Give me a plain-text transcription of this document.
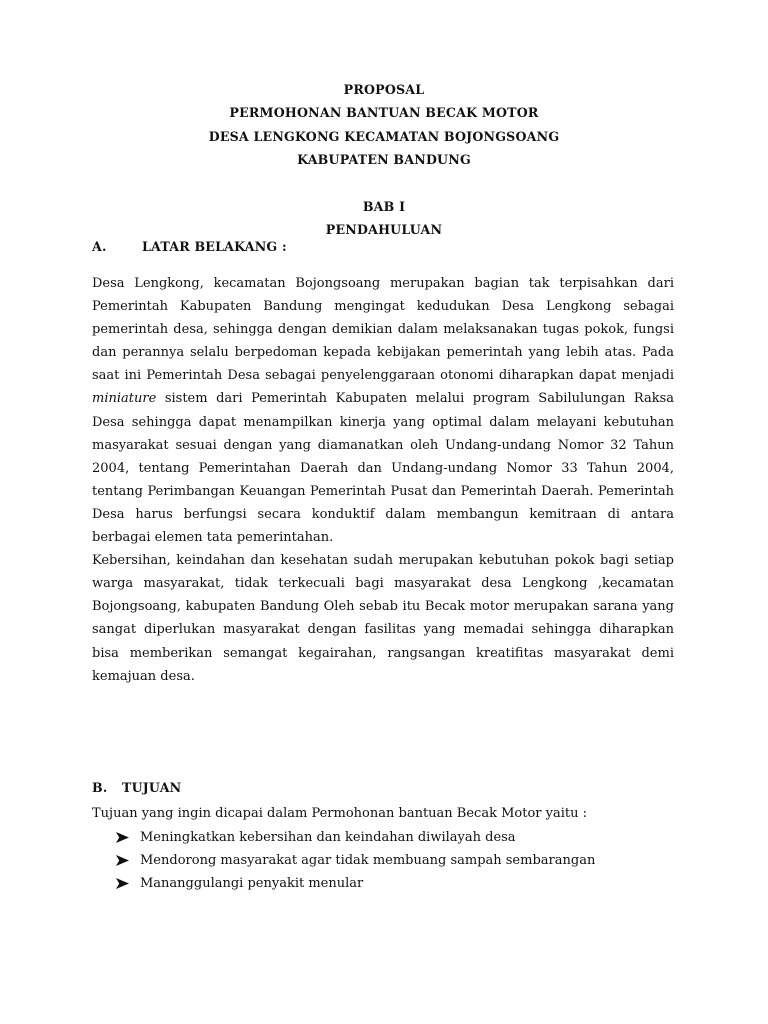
PROPOSAL
PERMOHONAN BANTUAN BECAK MOTOR
DESA LENGKONG KECAMATAN BOJONGSOANG
KABUPATEN BANDUNG
BAB I
PENDAHULUAN
A.	LATAR BELAKANG :

Desa Lengkong, kecamatan Bojongsoang merupakan bagian tak terpisahkan dari Pemerintah Kabupaten Bandung mengingat kedudukan Desa Lengkong sebagai pemerintah desa, sehingga dengan demikian dalam melaksanakan tugas pokok, fungsi dan perannya selalu berpedoman kepada kebijakan pemerintah yang lebih atas. Pada saat ini Pemerintah Desa sebagai penyelenggaraan otonomi diharapkan dapat menjadi miniature sistem dari Pemerintah Kabupaten melalui program Sabilulungan Raksa Desa sehingga dapat menampilkan kinerja yang optimal dalam melayani kebutuhan masyarakat sesuai dengan yang diamanatkan oleh Undang-undang Nomor 32 Tahun 2004, tentang Pemerintahan Daerah dan Undang-undang Nomor 33 Tahun 2004, tentang Perimbangan Keuangan Pemerintah Pusat dan Pemerintah Daerah. Pemerintah Desa harus berfungsi secara konduktif dalam membangun kemitraan di antara berbagai elemen tata pemerintahan.

Kebersihan, keindahan dan kesehatan sudah merupakan kebutuhan pokok bagi setiap warga masyarakat, tidak terkecuali bagi masyarakat desa Lengkong ,kecamatan Bojongsoang, kabupaten Bandung Oleh sebab itu Becak motor merupakan sarana yang sangat diperlukan masyarakat dengan fasilitas yang memadai sehingga diharapkan bisa memberikan semangat kegairahan, rangsangan kreatifitas masyarakat demi kemajuan desa.

B. TUJUAN
Tujuan yang ingin dicapai dalam Permohonan bantuan Becak Motor yaitu :
Meningkatkan kebersihan dan keindahan diwilayah desa
Mendorong masyarakat agar tidak membuang sampah sembarangan
Mananggulangi penyakit menular
